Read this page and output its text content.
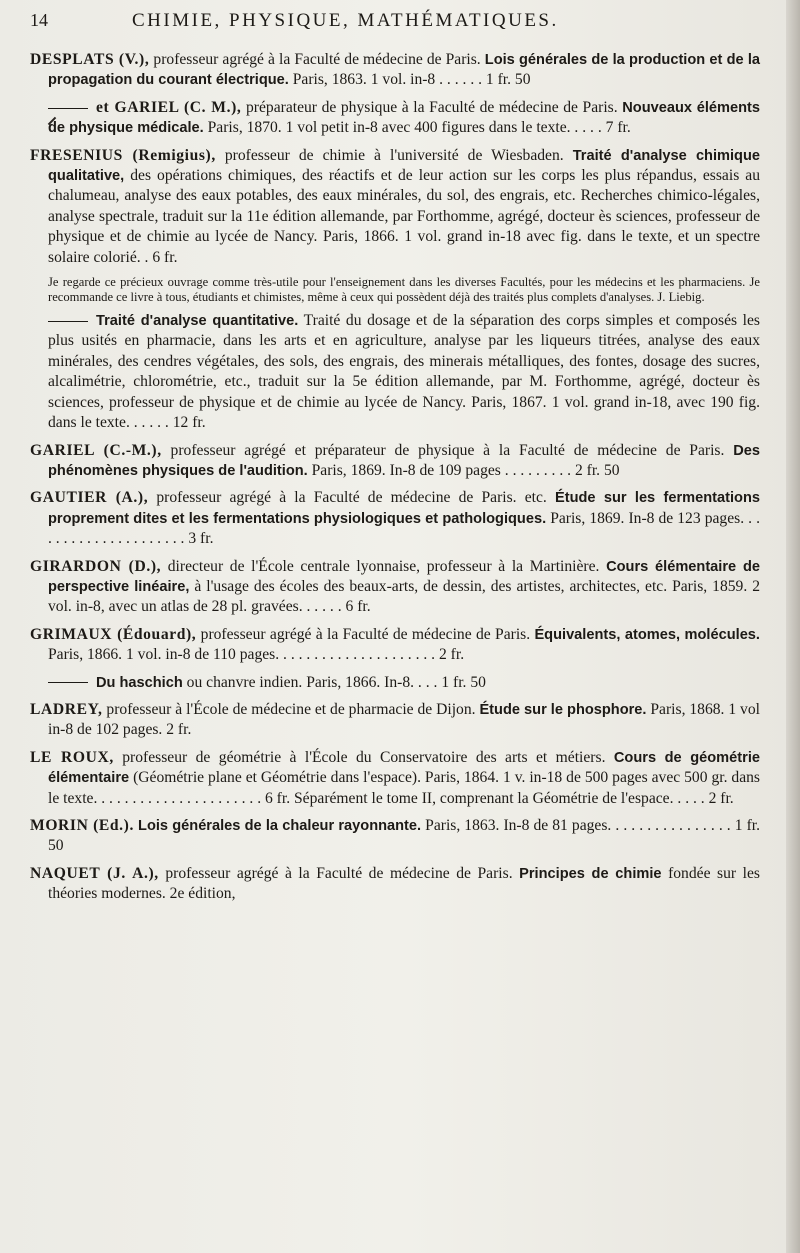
14	CHIMIE, PHYSIQUE, MATHÉMATIQUES.

DESPLATS (V.), professeur agrégé à la Faculté de médecine de Paris. Lois générales de la production et de la propagation du courant électrique. Paris, 1863. 1 vol. in-8 . . . . . . 1 fr. 50

et GARIEL (C. M.), préparateur de physique à la Faculté de médecine de Paris. Nouveaux éléments de physique médicale. Paris, 1870. 1 vol petit in-8 avec 400 figures dans le texte. . . . . 7 fr.

FRESENIUS (Remigius), professeur de chimie à l'université de Wiesbaden. Traité d'analyse chimique qualitative, des opérations chimiques, des réactifs et de leur action sur les corps les plus répandus, essais au chalumeau, analyse des eaux potables, des eaux minérales, du sol, des engrais, etc. Recherches chimico-légales, analyse spectrale, traduit sur la 11e édition allemande, par Forthomme, agrégé, docteur ès sciences, professeur de physique et de chimie au lycée de Nancy. Paris, 1866. 1 vol. grand in-18 avec fig. dans le texte, et un spectre solaire colorié. . 6 fr.

Je regarde ce précieux ouvrage comme très-utile pour l'enseignement dans les diverses Facultés, pour les médecins et les pharmaciens. Je recommande ce livre à tous, étudiants et chimistes, même à ceux qui possèdent déjà des traités plus complets d'analyses. J. Liebig.

Traité d'analyse quantitative. Traité du dosage et de la séparation des corps simples et composés les plus usités en pharmacie, dans les arts et en agriculture, analyse par les liqueurs titrées, analyse des eaux minérales, des cendres végétales, des sols, des engrais, des minerais métalliques, des fontes, dosage des sucres, alcalimétrie, chlorométrie, etc., traduit sur la 5e édition allemande, par M. Forthomme, agrégé, docteur ès sciences, professeur de physique et de chimie au lycée de Nancy. Paris, 1867. 1 vol. grand in-18, avec 190 fig. dans le texte. . . . . . 12 fr.

GARIEL (C.-M.), professeur agrégé et préparateur de physique à la Faculté de médecine de Paris. Des phénomènes physiques de l'audition. Paris, 1869. In-8 de 109 pages . . . . . . . . . 2 fr. 50

GAUTIER (A.), professeur agrégé à la Faculté de médecine de Paris. etc. Étude sur les fermentations proprement dites et les fermentations physiologiques et pathologiques. Paris, 1869. In-8 de 123 pages. . . . . . . . . . . . . . . . . . . . . 3 fr.

GIRARDON (D.), directeur de l'École centrale lyonnaise, professeur à la Martinière. Cours élémentaire de perspective linéaire, à l'usage des écoles des beaux-arts, de dessin, des artistes, architectes, etc. Paris, 1859. 2 vol. in-8, avec un atlas de 28 pl. gravées. . . . . . 6 fr.

GRIMAUX (Édouard), professeur agrégé à la Faculté de médecine de Paris. Équivalents, atomes, molécules. Paris, 1866. 1 vol. in-8 de 110 pages. . . . . . . . . . . . . . . . . . . . . 2 fr.

Du haschich ou chanvre indien. Paris, 1866. In-8. . . . 1 fr. 50

LADREY, professeur à l'École de médecine et de pharmacie de Dijon. Étude sur le phosphore. Paris, 1868. 1 vol in-8 de 102 pages. 2 fr.

LE ROUX, professeur de géométrie à l'École du Conservatoire des arts et métiers. Cours de géométrie élémentaire (Géométrie plane et Géométrie dans l'espace). Paris, 1864. 1 v. in-18 de 500 pages avec 500 gr. dans le texte. . . . . . . . . . . . . . . . . . . . . . 6 fr. Séparément le tome II, comprenant la Géométrie de l'espace. . . . . 2 fr.

MORIN (Ed.). Lois générales de la chaleur rayonnante. Paris, 1863. In-8 de 81 pages. . . . . . . . . . . . . . . . 1 fr. 50

NAQUET (J. A.), professeur agrégé à la Faculté de médecine de Paris. Principes de chimie fondée sur les théories modernes. 2e édition,
